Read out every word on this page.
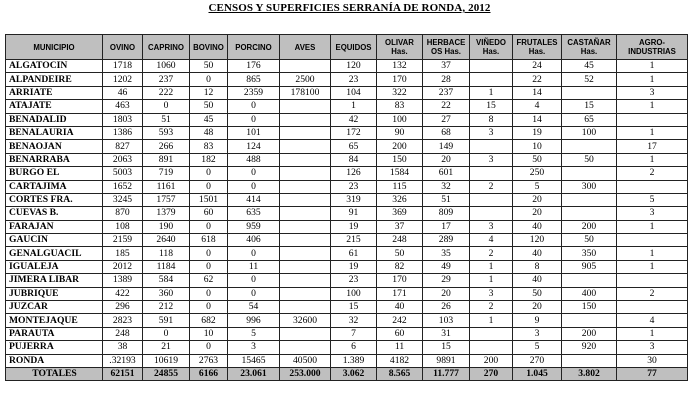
CENSOS Y SUPERFICIES SERRANÍA DE RONDA, 2012
MUNICIPIO	OVINO	CAPRINO	BOVINO	PORCINO	AVES	EQUIDOS	OLIVAR Has.	HERBACE OS Has.	VIÑEDO Has.	FRUTALES Has.	CASTAÑAR Has.	AGRO-INDUSTRIAS
ALGATOCIN	1718	1060	50	176		120	132	37		24	45	1
ALPANDEIRE	1202	237	0	865	2500	23	170	28		22	52	1
ARRIATE	46	222	12	2359	178100	104	322	237	1	14		3
ATAJATE	463	0	50	0		1	83	22	15	4	15	1
BENADALID	1803	51	45	0		42	100	27	8	14	65	
BENALAURIA	1386	593	48	101		172	90	68	3	19	100	1
BENAOJAN	827	266	83	124		65	200	149		10		17
BENARRABA	2063	891	182	488		84	150	20	3	50	50	1
BURGO EL	5003	719	0	0		126	1584	601		250		2
CARTAJIMA	1652	1161	0	0		23	115	32	2	5	300	
CORTES FRA.	3245	1757	1501	414		319	326	51		20		5
CUEVAS B.	870	1379	60	635		91	369	809		20		3
FARAJAN	108	190	0	959		19	37	17	3	40	200	1
GAUCIN	2159	2640	618	406		215	248	289	4	120	50	
GENALGUACIL	185	118	0	0		61	50	35	2	40	350	1
IGUALEJA	2012	1184	0	11		19	82	49	1	8	905	1
JIMERA LIBAR	1389	584	62	0		23	170	29	1	40		
JUBRIQUE	422	360	0	0		100	171	20	3	50	400	2
JUZCAR	296	212	0	54		15	40	26	2	20	150	
MONTEJAQUE	2823	591	682	996	32600	32	242	103	1	9		4
PARAUTA	248	0	10	5		7	60	31		3	200	1
PUJERRA	38	21	0	3		6	11	15		5	920	3
RONDA	.32193	10619	2763	15465	40500	1.389	4182	9891	200	270		30
TOTALES	62151	24855	6166	23.061	253.000	3.062	8.565	11.777	270	1.045	3.802	77
